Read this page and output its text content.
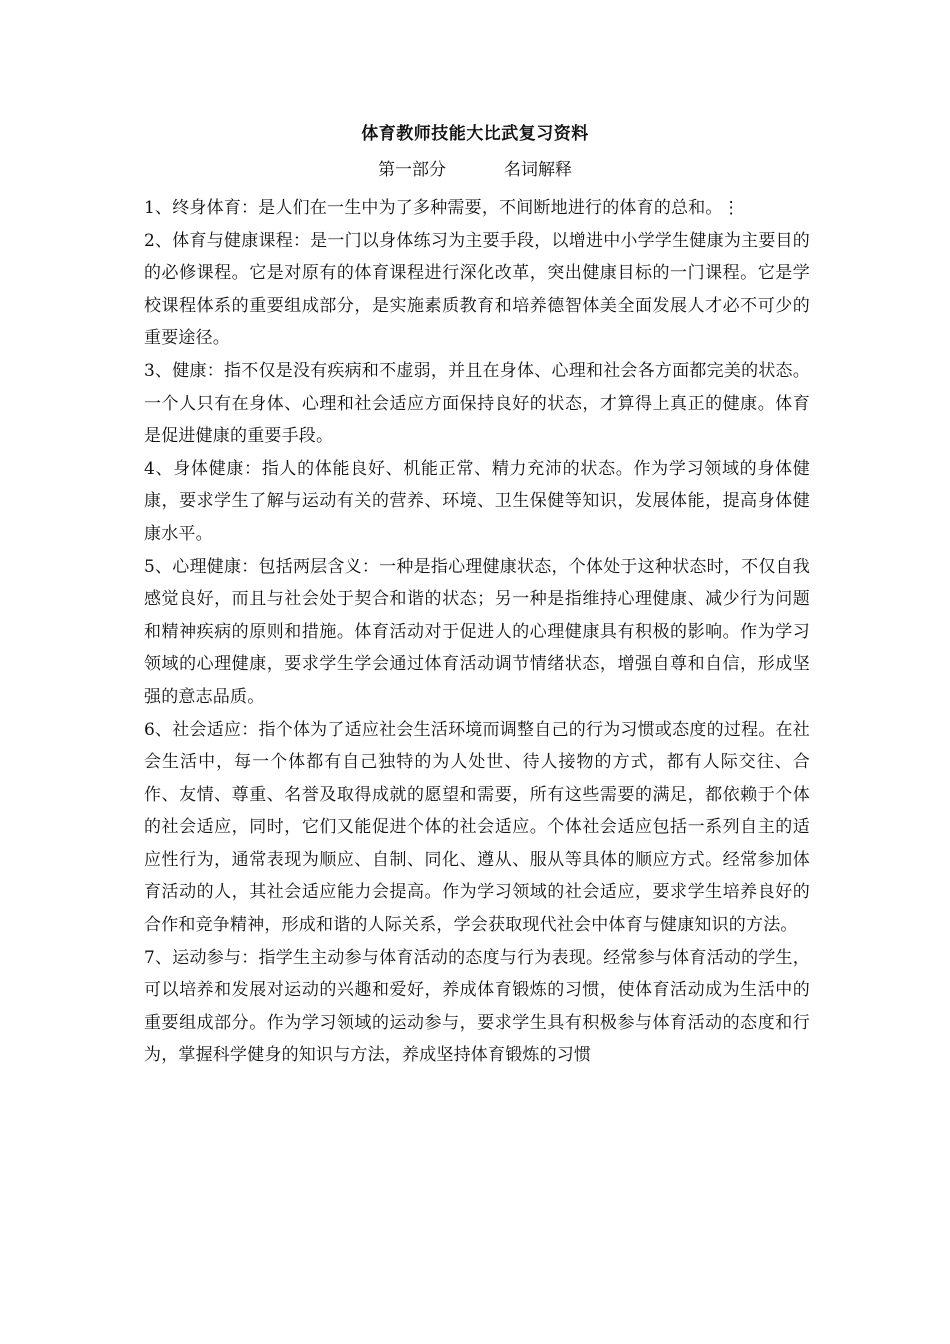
体育教师技能大比武复习资料
第一部分	名词解释

1、终身体育：是人们在一生中为了多种需要，不间断地进行的体育的总和。⋮

2、体育与健康课程：是一门以身体练习为主要手段，以增进中小学学生健康为主要目的的必修课程。它是对原有的体育课程进行深化改革，突出健康目标的一门课程。它是学校课程体系的重要组成部分，是实施素质教育和培养德智体美全面发展人才必不可少的重要途径。

3、健康：指不仅是没有疾病和不虚弱，并且在身体、心理和社会各方面都完美的状态。一个人只有在身体、心理和社会适应方面保持良好的状态，才算得上真正的健康。体育是促进健康的重要手段。

4、身体健康：指人的体能良好、机能正常、精力充沛的状态。作为学习领域的身体健康，要求学生了解与运动有关的营养、环境、卫生保健等知识，发展体能，提高身体健康水平。

5、心理健康：包括两层含义：一种是指心理健康状态，个体处于这种状态时，不仅自我感觉良好，而且与社会处于契合和谐的状态；另一种是指维持心理健康、减少行为问题和精神疾病的原则和措施。体育活动对于促进人的心理健康具有积极的影响。作为学习领域的心理健康，要求学生学会通过体育活动调节情绪状态，增强自尊和自信，形成坚强的意志品质。

6、社会适应：指个体为了适应社会生活环境而调整自己的行为习惯或态度的过程。在社会生活中，每一个体都有自己独特的为人处世、待人接物的方式，都有人际交往、合作、友情、尊重、名誉及取得成就的愿望和需要，所有这些需要的满足，都依赖于个体的社会适应，同时，它们又能促进个体的社会适应。个体社会适应包括一系列自主的适应性行为，通常表现为顺应、自制、同化、遵从、服从等具体的顺应方式。经常参加体育活动的人，其社会适应能力会提高。作为学习领域的社会适应，要求学生培养良好的合作和竞争精神，形成和谐的人际关系，学会获取现代社会中体育与健康知识的方法。

7、运动参与：指学生主动参与体育活动的态度与行为表现。经常参与体育活动的学生，可以培养和发展对运动的兴趣和爱好，养成体育锻炼的习惯，使体育活动成为生活中的重要组成部分。作为学习领域的运动参与，要求学生具有积极参与体育活动的态度和行为，掌握科学健身的知识与方法，养成坚持体育锻炼的习惯
